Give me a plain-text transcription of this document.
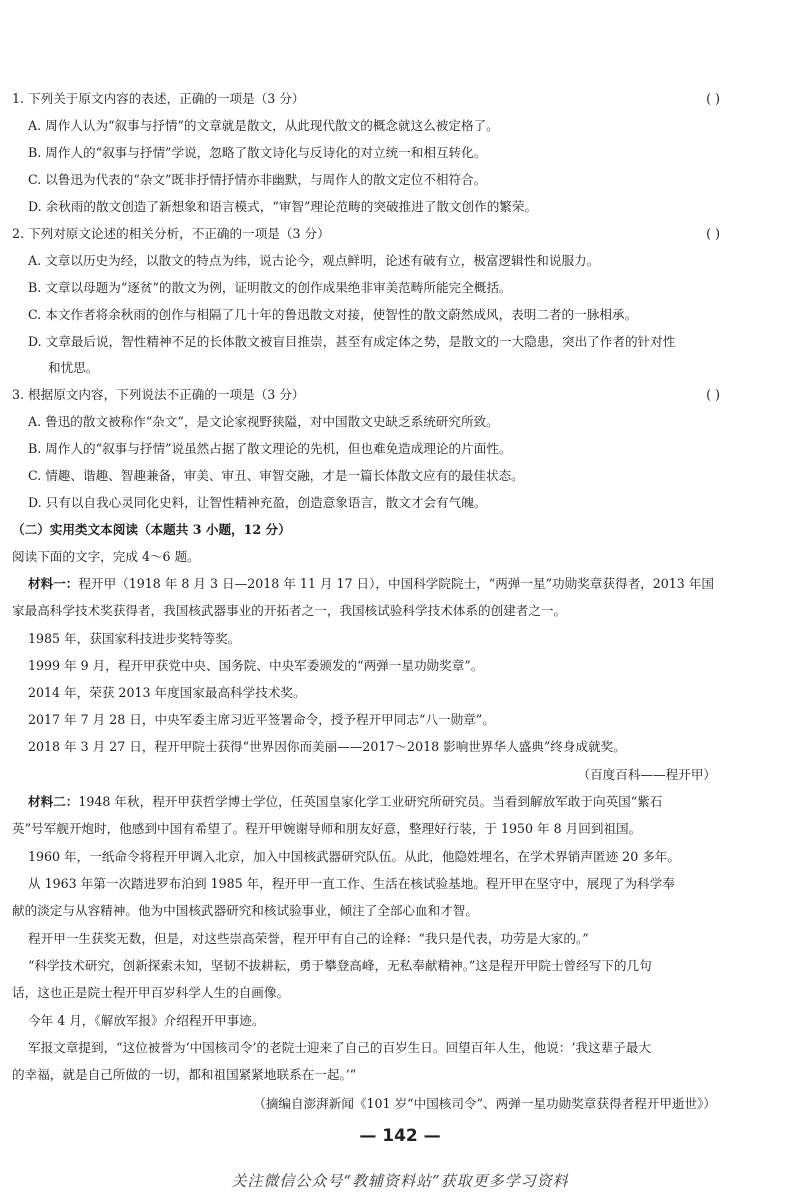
1. 下列关于原文内容的表述，正确的一项是（3 分）	( )
A. 周作人认为“叙事与抒情”的文章就是散文，从此现代散文的概念就这么被定格了。
B. 周作人的“叙事与抒情”学说，忽略了散文诗化与反诗化的对立统一和相互转化。
C. 以鲁迅为代表的“杂文”既非抒情抒情亦非幽默，与周作人的散文定位不相符合。
D. 余秋雨的散文创造了新想象和语言模式，“审智”理论范畴的突破推进了散文创作的繁荣。
2. 下列对原文论述的相关分析，不正确的一项是（3 分）	( )
A. 文章以历史为经，以散文的特点为纬，说古论今，观点鲜明，论述有破有立，极富逻辑性和说服力。
B. 文章以母题为“逐贫”的散文为例，证明散文的创作成果绝非审美范畴所能完全概括。
C. 本文作者将余秋雨的创作与相隔了几十年的鲁迅散文对接，使智性的散文蔚然成风，表明二者的一脉相承。
D. 文章最后说，智性精神不足的长体散文被盲目推崇，甚至有成定体之势，是散文的一大隐患，突出了作者的针对性
和忧思。
3. 根据原文内容，下列说法不正确的一项是（3 分）	( )
A. 鲁迅的散文被称作“杂文”，是文论家视野狭隘，对中国散文史缺乏系统研究所致。
B. 周作人的“叙事与抒情”说虽然占据了散文理论的先机，但也难免造成理论的片面性。
C. 情趣、谐趣、智趣兼备，审美、审丑、审智交融，才是一篇长体散文应有的最佳状态。
D. 只有以自我心灵同化史料，让智性精神充盈，创造意象语言，散文才会有气魄。
（二）实用类文本阅读（本题共 3 小题，12 分）
阅读下面的文字，完成 4～6 题。
材料一：程开甲（1918 年 8 月 3 日—2018 年 11 月 17 日），中国科学院院士，“两弹一星”功勋奖章获得者，2013 年国
家最高科学技术奖获得者，我国核武器事业的开拓者之一，我国核试验科学技术体系的创建者之一。
1985 年，获国家科技进步奖特等奖。
1999 年 9 月，程开甲获党中央、国务院、中央军委颁发的“两弹一星功勋奖章”。
2014 年，荣获 2013 年度国家最高科学技术奖。
2017 年 7 月 28 日，中央军委主席习近平签署命令，授予程开甲同志“八一勋章”。
2018 年 3 月 27 日，程开甲院士获得“世界因你而美丽——2017～2018 影响世界华人盛典”终身成就奖。
（百度百科——程开甲）
材料二：1948 年秋，程开甲获哲学博士学位，任英国皇家化学工业研究所研究员。当看到解放军敢于向英国“紫石
英”号军舰开炮时，他感到中国有希望了。程开甲婉谢导师和朋友好意，整理好行装，于 1950 年 8 月回到祖国。
1960 年，一纸命令将程开甲调入北京，加入中国核武器研究队伍。从此，他隐姓埋名，在学术界销声匿迹 20 多年。
从 1963 年第一次踏进罗布泊到 1985 年，程开甲一直工作、生活在核试验基地。程开甲在坚守中，展现了为科学奉
献的淡定与从容精神。他为中国核武器研究和核试验事业，倾注了全部心血和才智。
程开甲一生获奖无数，但是，对这些崇高荣誉，程开甲有自己的诠释：“我只是代表，功劳是大家的。”
“科学技术研究，创新探索未知，坚韧不拔耕耘，勇于攀登高峰，无私奉献精神。”这是程开甲院士曾经写下的几句
话，这也正是院士程开甲百岁科学人生的自画像。
今年 4 月，《解放军报》介绍程开甲事迹。
军报文章提到，“这位被誉为‘中国核司令’的老院士迎来了自己的百岁生日。回望百年人生，他说：‘我这辈子最大
的幸福，就是自己所做的一切，都和祖国紧紧地联系在一起。’”
（摘编自澎湃新闻《101 岁“中国核司令”、两弹一星功勋奖章获得者程开甲逝世》）
— 142 —
关注微信公众号“教辅资料站”获取更多学习资料
